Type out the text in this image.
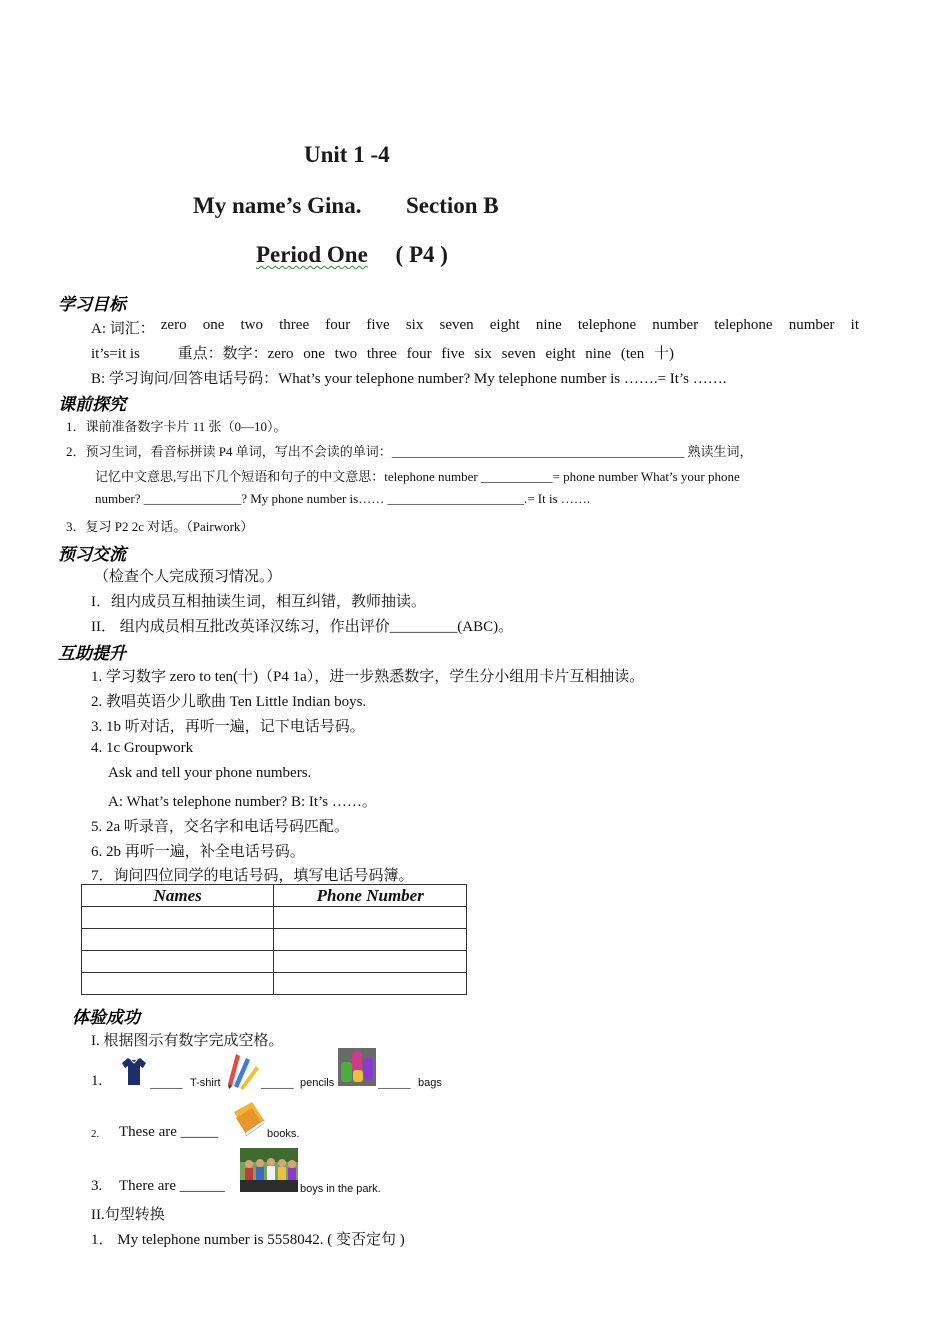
Unit 1 -4
My name’s Gina. Section B
Period One ( P4 )
学习目标
A: 词汇： zero one two three four five six seven eight nine telephone number telephone number it
it’s=it is	重点：数字：zero one two three four five six seven eight nine (ten 十)
B: 学习询问/回答电话号码：What’s your telephone number? My telephone number is …….= It’s …….
课前探究
1．课前准备数字卡片 11 张（0—10）。
2．预习生词，看音标拼读 P4 单词，写出不会读的单词：_____________________________________________ 熟读生词，
记忆中文意思,写出下几个短语和句子的中文意思：telephone number ___________= phone number What’s your phone
number? _______________? My phone number is…… _____________________.= It is …….
3．复习 P2 2c 对话。（Pairwork）
预习交流
（检查个人完成预习情况。）
I．组内成员互相抽读生词，相互纠错，教师抽读。
II． 组内成员相互批改英译汉练习，作出评价_________(ABC)。
互助提升
1. 学习数字 zero to ten(十)（P4 1a），进一步熟悉数字，学生分小组用卡片互相抽读。
2. 教唱英语少儿歌曲 Ten Little Indian boys.
3. 1b 听对话，再听一遍，记下电话号码。
4. 1c Groupwork
Ask and tell your phone numbers.
A: What’s telephone number? B: It’s ……。
5. 2a 听录音，交名字和电话号码匹配。
6. 2b 再听一遍，补全电话号码。
7．询问四位同学的电话号码，填写电话号码簿。
Names	Phone Number

体验成功
I. 根据图示有数字完成空格。
1.	_____ T-shirt	_____ pencils	_____ bags
2. These are _____	books.
3. There are ______	boys in the park.
II.句型转换
1． My telephone number is 5558042. ( 变否定句 )
